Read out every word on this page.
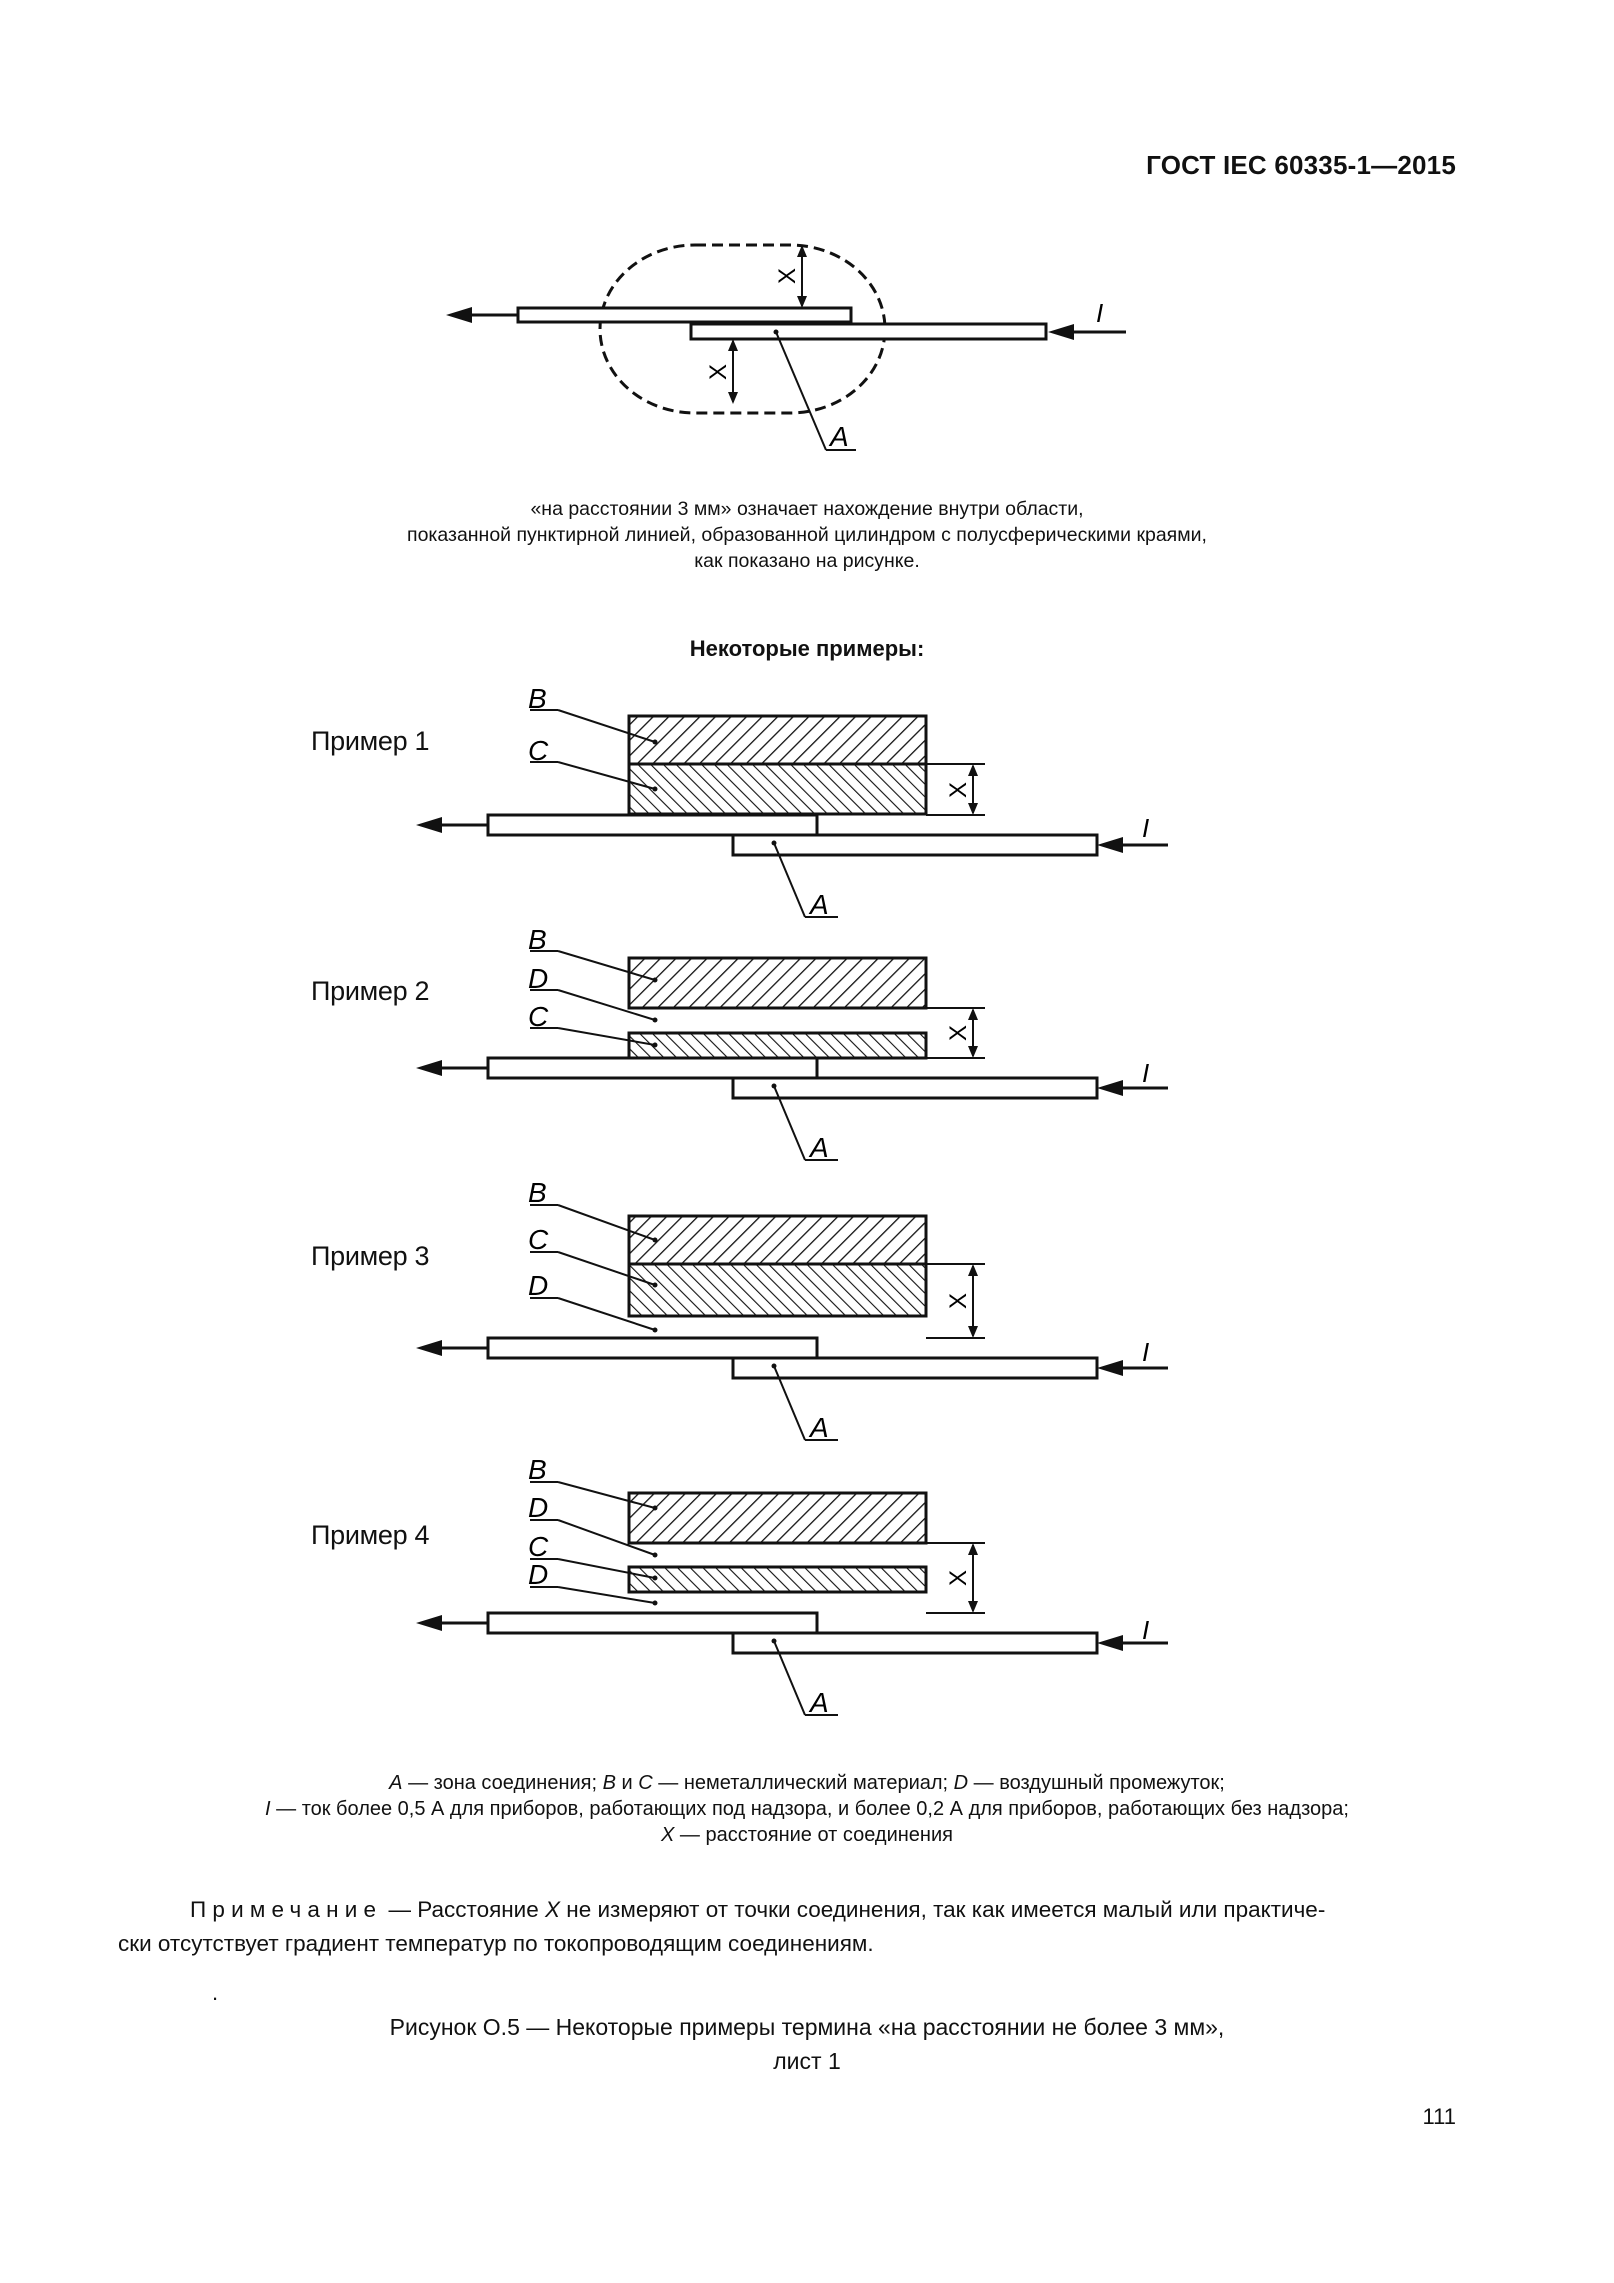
ГОСТ IEC 60335-1—2015
I
X
X
A
«на расстоянии 3 мм» означает нахождение внутри области,
показанной пунктирной линией, образованной цилиндром с полусферическими краями,
как показано на рисунке.
Некоторые примеры:
Пример 1
Пример 2
Пример 3
Пример 4
I
X
B
C
A
I
X
B
D
C
A
I
X
B
C
D
A
I
X
B
D
C
D
A
A — зона соединения; B и C — неметаллический материал; D — воздушный промежуток;
I — ток более 0,5 А для приборов, работающих под надзора, и более 0,2 А для приборов, работающих без надзора;
X — расстояние от соединения
Примечание — Расстояние X не измеряют от точки соединения, так как имеется малый или практиче-
ски отсутствует градиент температур по токопроводящим соединениям.
.
Рисунок О.5 — Некоторые примеры термина «на расстоянии не более 3 мм»,
лист 1
111
